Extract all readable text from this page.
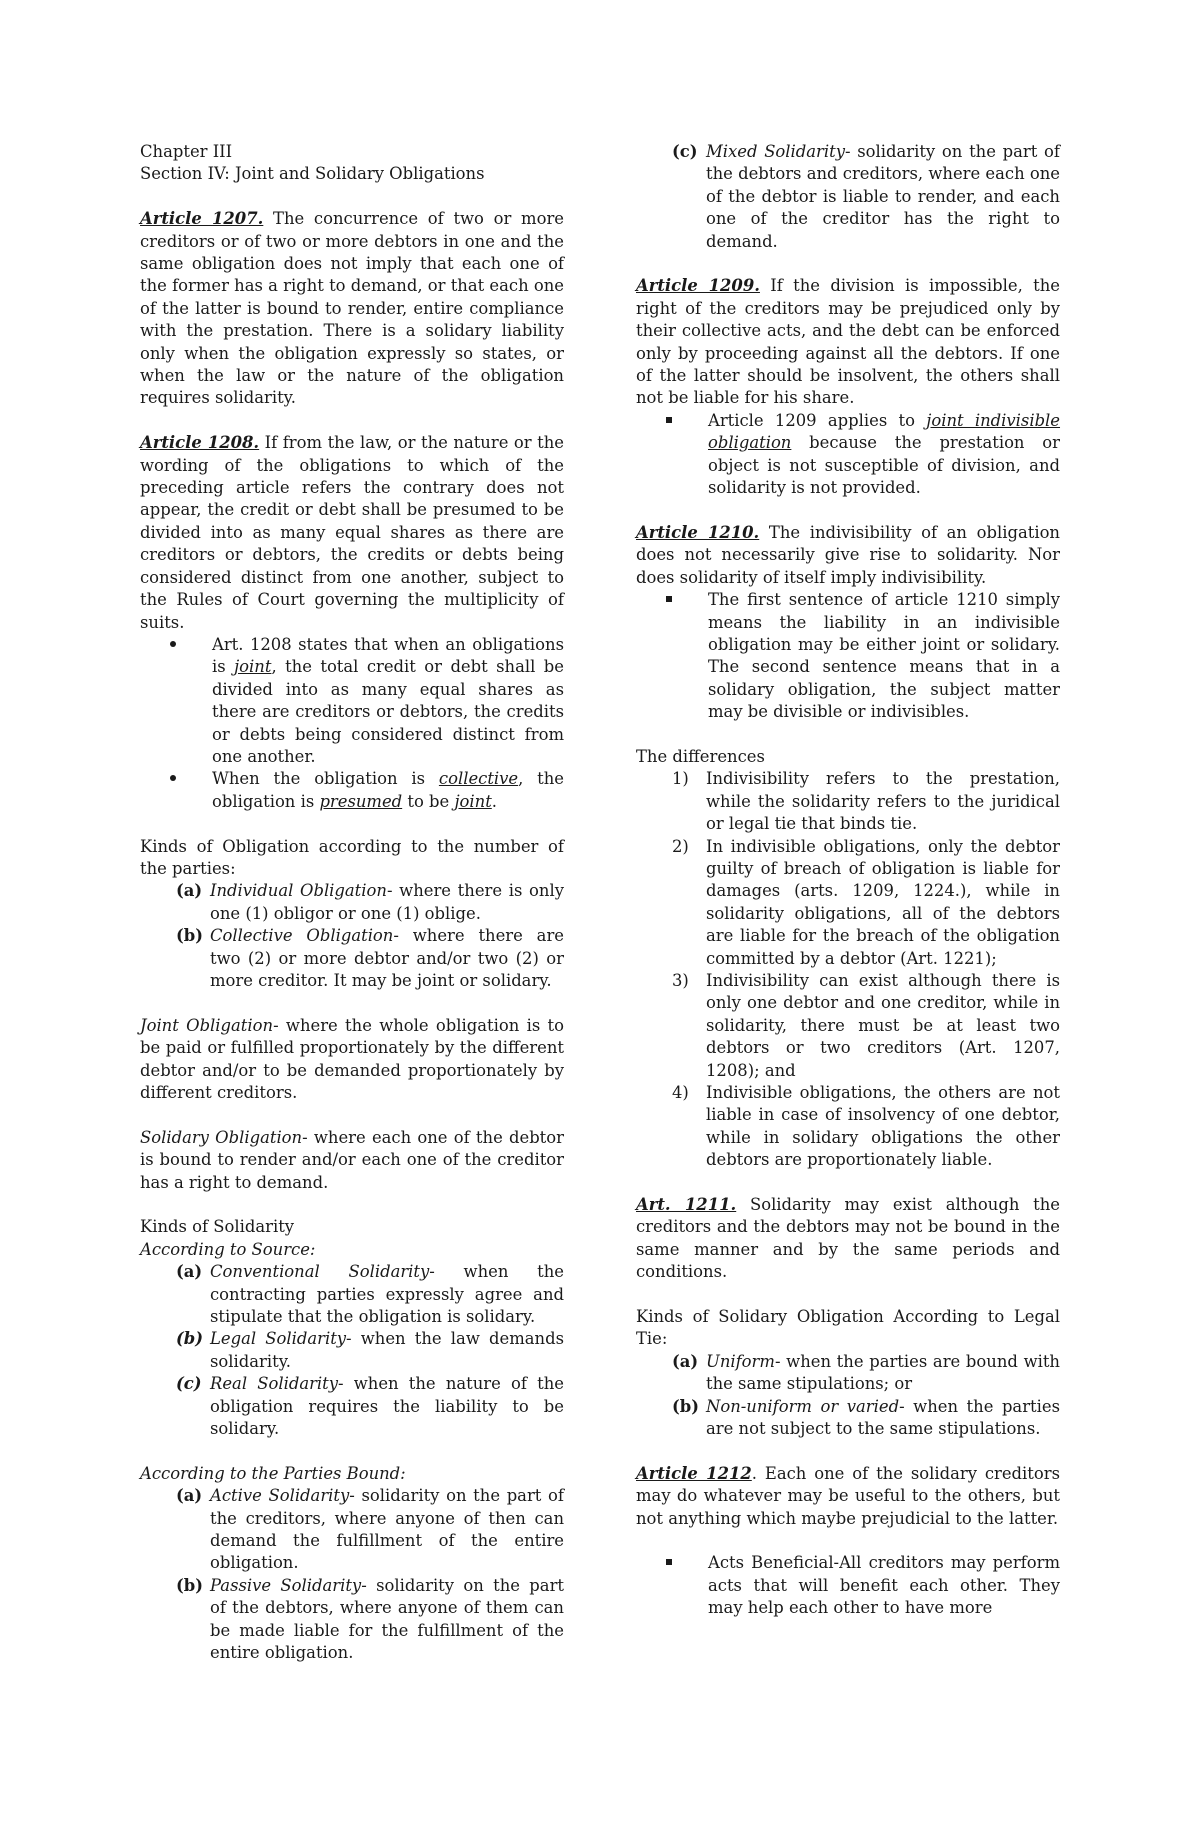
Chapter III

Section IV: Joint and Solidary Obligations

Article 1207. The concurrence of two or more creditors or of two or more debtors in one and the same obligation does not imply that each one of the former has a right to demand, or that each one of the latter is bound to render, entire compliance with the prestation. There is a solidary liability only when the obligation expressly so states, or when the law or the nature of the obligation requires solidarity.

Article 1208. If from the law, or the nature or the wording of the obligations to which of the preceding article refers the contrary does not appear, the credit or debt shall be presumed to be divided into as many equal shares as there are creditors or debtors, the credits or debts being considered distinct from one another, subject to the Rules of Court governing the multiplicity of suits.

Art. 1208 states that when an obligations is joint, the total credit or debt shall be divided into as many equal shares as there are creditors or debtors, the credits or debts being considered distinct from one another.
When the obligation is collective, the obligation is presumed to be joint.

Kinds of Obligation according to the number of the parties:

(a) Individual Obligation- where there is only one (1) obligor or one (1) oblige.
(b) Collective Obligation- where there are two (2) or more debtor and/or two (2) or more creditor. It may be joint or solidary.

Joint Obligation- where the whole obligation is to be paid or fulfilled proportionately by the different debtor and/or to be demanded proportionately by different creditors.

Solidary Obligation- where each one of the debtor is bound to render and/or each one of the creditor has a right to demand.

Kinds of Solidarity

According to Source:

(a) Conventional Solidarity- when the contracting parties expressly agree and stipulate that the obligation is solidary.
(b) Legal Solidarity- when the law demands solidarity.
(c) Real Solidarity- when the nature of the obligation requires the liability to be solidary.

According to the Parties Bound:

(a) Active Solidarity- solidarity on the part of the creditors, where anyone of then can demand the fulfillment of the entire obligation.
(b) Passive Solidarity- solidarity on the part of the debtors, where anyone of them can be made liable for the fulfillment of the entire obligation.
(c) Mixed Solidarity- solidarity on the part of the debtors and creditors, where each one of the debtor is liable to render, and each one of the creditor has the right to demand.

Article 1209. If the division is impossible, the right of the creditors may be prejudiced only by their collective acts, and the debt can be enforced only by proceeding against all the debtors. If one of the latter should be insolvent, the others shall not be liable for his share.

Article 1209 applies to joint indivisible obligation because the prestation or object is not susceptible of division, and solidarity is not provided.

Article 1210. The indivisibility of an obligation does not necessarily give rise to solidarity. Nor does solidarity of itself imply indivisibility.

The first sentence of article 1210 simply means the liability in an indivisible obligation may be either joint or solidary. The second sentence means that in a solidary obligation, the subject matter may be divisible or indivisibles.

The differences

1) Indivisibility refers to the prestation, while the solidarity refers to the juridical or legal tie that binds tie.
2) In indivisible obligations, only the debtor guilty of breach of obligation is liable for damages (arts. 1209, 1224.), while in solidarity obligations, all of the debtors are liable for the breach of the obligation committed by a debtor (Art. 1221);
3) Indivisibility can exist although there is only one debtor and one creditor, while in solidarity, there must be at least two debtors or two creditors (Art. 1207, 1208); and
4) Indivisible obligations, the others are not liable in case of insolvency of one debtor, while in solidary obligations the other debtors are proportionately liable.

Art. 1211. Solidarity may exist although the creditors and the debtors may not be bound in the same manner and by the same periods and conditions.

Kinds of Solidary Obligation According to Legal Tie:

(a) Uniform- when the parties are bound with the same stipulations; or
(b) Non-uniform or varied- when the parties are not subject to the same stipulations.

Article 1212. Each one of the solidary creditors may do whatever may be useful to the others, but not anything which maybe prejudicial to the latter.

Acts Beneficial-All creditors may perform acts that will benefit each other. They may help each other to have more
